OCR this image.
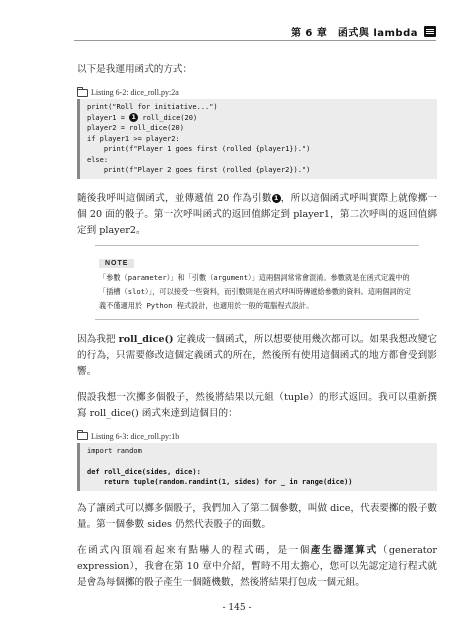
第 6 章　函式與 lambda

以下是我運用函式的方式：

Listing 6-2: dice_roll.py:2a
print("Roll for initiative...")
player1 = 1 roll_dice(20)
player2 = roll_dice(20)
if player1 >= player2:
print(f"Player 1 goes first (rolled {player1}).")
else:
print(f"Player 2 goes first (rolled {player2}).")

隨後我呼叫這個函式，並傳遞值 20 作為引數 1 ，所以這個函式呼叫實際上就像擲一個 20 面的骰子。第一次呼叫函式的返回值綁定到 player1，第二次呼叫的返回值綁定到 player2。

NOTE
「參數（parameter）」和「引數（argument）」這兩個詞常常會混淆。參數就是在函式定義中的「插槽（slot）」，可以接受一些資料，而引數則是在函式呼叫時傳遞給參數的資料。這兩個詞的定義不僅適用於 Python 程式設計，也適用於一般的電腦程式設計。

因為我把 roll_dice() 定義成一個函式，所以想要使用幾次都可以。如果我想改變它的行為，只需要修改這個定義函式的所在，然後所有使用這個函式的地方都會受到影響。

假設我想一次擲多個骰子，然後將結果以元組（tuple）的形式返回。我可以重新撰寫 roll_dice() 函式來達到這個目的：

Listing 6-3: dice_roll.py:1b
import random
def roll_dice(sides, dice):
return tuple(random.randint(1, sides) for _ in range(dice))

為了讓函式可以擲多個骰子，我們加入了第二個參數，叫做 dice，代表要擲的骰子數量。第一個參數 sides 仍然代表骰子的面數。

在函式內頂端看起來有點嚇人的程式碼，是一個產生器運算式（generator expression），我會在第 10 章中介紹，暫時不用太擔心，您可以先認定這行程式就是會為每個擲的骰子產生一個隨機數，然後將結果打包成一個元組。

- 145 -
